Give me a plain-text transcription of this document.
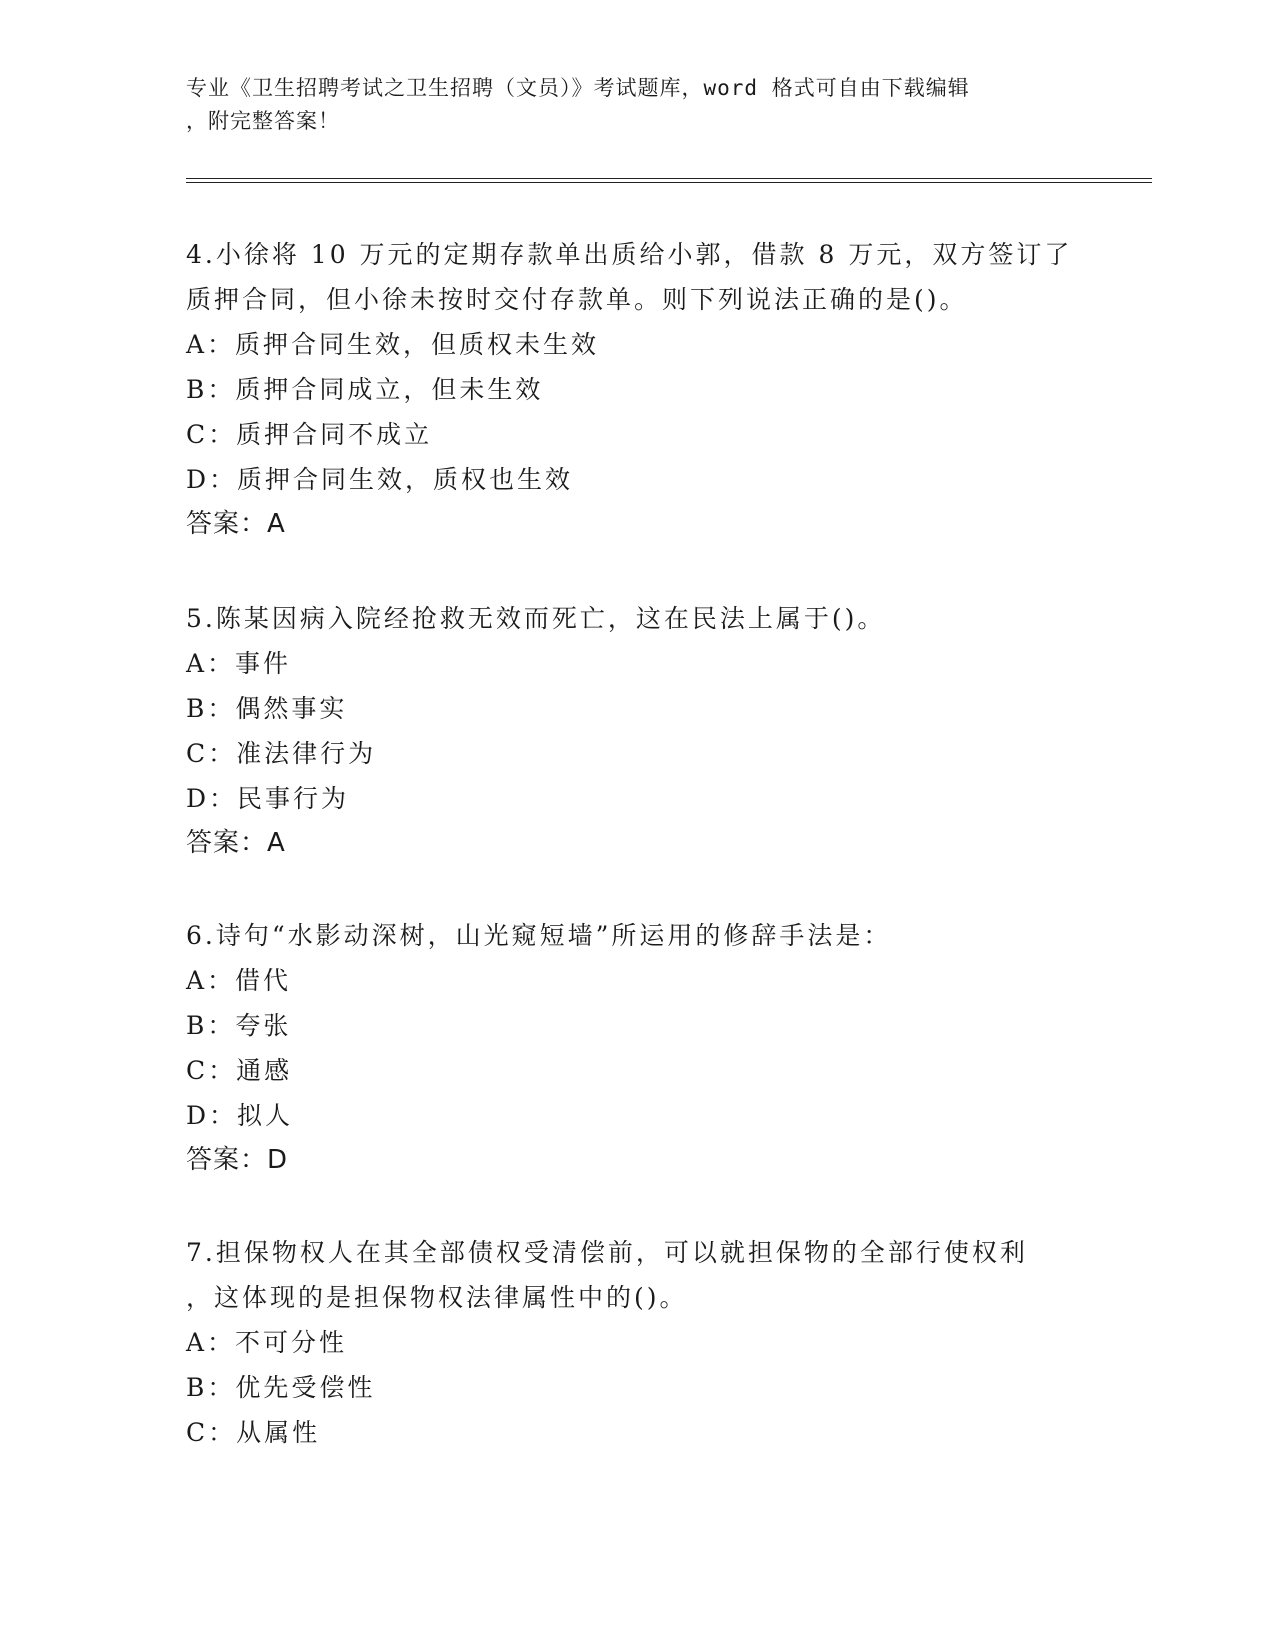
专业《卫生招聘考试之卫生招聘（文员）》考试题库，word 格式可自由下载编辑
，附完整答案！

4.小徐将 10 万元的定期存款单出质给小郭，借款 8 万元，双方签订了

质押合同，但小徐未按时交付存款单。则下列说法正确的是()。

A：质押合同生效，但质权未生效

B：质押合同成立，但未生效

C：质押合同不成立

D：质押合同生效，质权也生效

答案：A

5.陈某因病入院经抢救无效而死亡，这在民法上属于()。

A：事件

B：偶然事实

C：准法律行为

D：民事行为

答案：A

6.诗句“水影动深树，山光窥短墙”所运用的修辞手法是：

A：借代

B：夸张

C：通感

D：拟人

答案：D

7.担保物权人在其全部债权受清偿前，可以就担保物的全部行使权利

，这体现的是担保物权法律属性中的()。

A：不可分性

B：优先受偿性

C：从属性
